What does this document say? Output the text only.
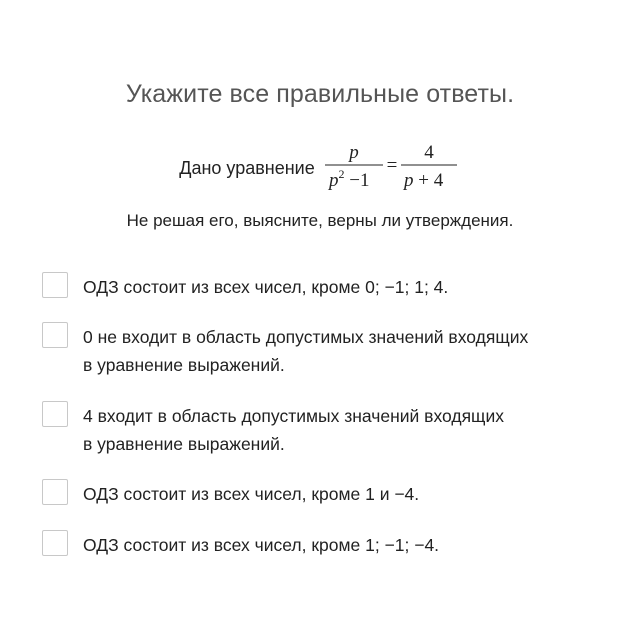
Укажите все правильные ответы.
Дано уравнение
p
$p^2 -1$
=
4
p + 4
Не решая его, выясните, верны ли утверждения.
ОДЗ состоит из всех чисел, кроме 0; −1; 1; 4.
0 не входит в область допустимых значений входящих
в уравнение выражений.
4 входит в область допустимых значений входящих
в уравнение выражений.
ОДЗ состоит из всех чисел, кроме 1 и −4.
ОДЗ состоит из всех чисел, кроме 1; −1; −4.
